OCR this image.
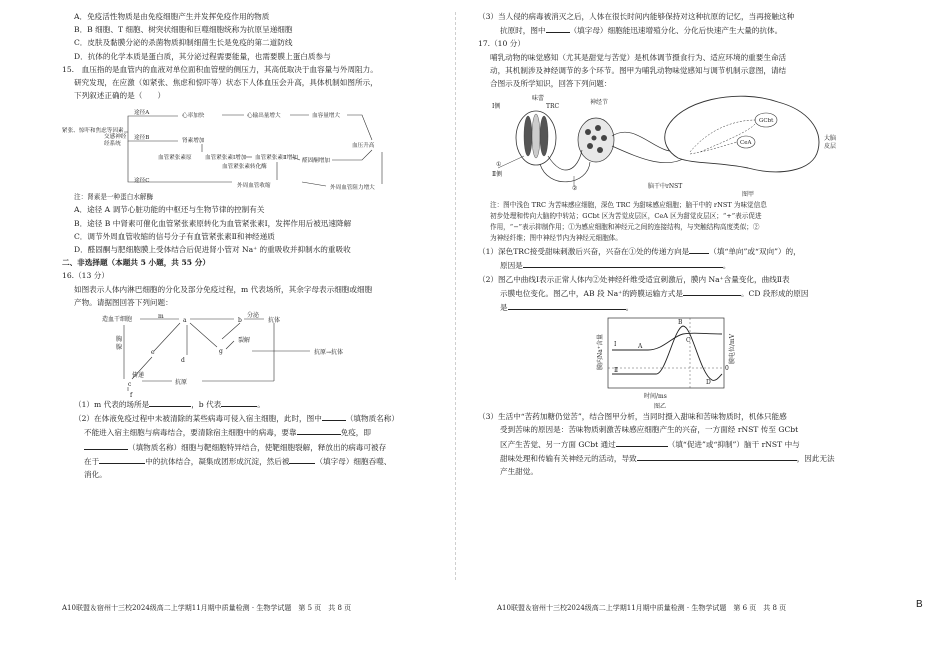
A．免疫活性物质是由免疫细胞产生并发挥免疫作用的物质

B．B 细胞、T 细胞、树突状细胞和巨噬细胞统称为抗原呈递细胞

C．皮肤及黏膜分泌的杀菌物质抑制细菌生长是免疫的第二道防线

D．抗体的化学本质是蛋白质，其分泌过程需要能量，也需要膜上蛋白质参与

15.　血压指的是血管内的血液对单位面积血管壁的侧压力，其高低取决于血容量与外周阻力。

研究发现，在应激（如紧张、焦虑和惊吓等）状态下人体血压会升高，具体机制如图所示，

下列叙述正确的是（　　）

紧张、惊吓和焦虑等因素
交感神经
经系统
途径A
途径B
途径C
心率加快	心输出量增大	血容量增大
血压升高
肾素增加
血管紧张素原 血管紧张素Ⅰ增加 血管紧张素Ⅱ增加
血管紧张素转化酶
醛固酮增加
外周血管收缩	外周血管阻力增大

注：肾素是一种蛋白水解酶

A．途径 A 调节心脏功能的中枢还与生物节律的控制有关

B．途径 B 中肾素可催化血管紧张素原转化为血管紧张素Ⅰ，发挥作用后被迅速降解

C．调节外周血管收缩的信号分子有血管紧张素Ⅱ和神经递质

D．醛固酮与肥细胞膜上受体结合后促进肾小管对 Na⁺ 的重吸收并抑制水的重吸收

二、非选择题（本题共 5 小题，共 55 分）

16.（13 分）

如图表示人体内淋巴细胞的分化及部分免疫过程，m 代表场所，其余字母表示细胞或细胞

产物。请据图回答下列问题：

造血干细胞	m
a	b
c
d
e
f
g
分泌
裂解
传递
抗原
胸
腺
抗体
抗原→抗体

（1）m 代表的场所是	，b 代表	。

（2）在体液免疫过程中未被清除的某些病毒可侵入宿主细胞，此时，图中	（填物质名称）

不能进入宿主细胞与病毒结合，要清除宿主细胞中的病毒，要靠	免疫，即

（填物质名称）细胞与靶细胞特异结合，使靶细胞裂解，释放出的病毒可被存

在于	中的抗体结合，凝集成团形成沉淀，然后被	（填字母）细胞吞噬、

消化。

（3）当人侵的病毒被消灭之后，人体在很长时间内能够保持对这种抗原的记忆，当再接触这种

抗原时，图中	（填字母）细胞能迅速增殖分化、分化后快速产生大量的抗体。

17.（10 分）

哺乳动物的味觉感知（尤其是甜觉与苦觉）是机体调节摄食行为、适应环境的重要生命活

动，其机制涉及神经调节的多个环节。图甲为哺乳动物味觉感知与调节机制示意图，请结

合图示及所学知识，回答下列问题：

Ⅰ侧
Ⅱ侧
味蕾
TRC
神经节
①
②	脑干中rNST
GCbt
CeA
大脑
皮层
图甲

注：图中浅色 TRC 为苦味感应细胞，深色 TRC 为甜味感应细胞；脑干中的 rNST 为味觉信息

初步处理和传向大脑的中转站；GCbt 区为苦觉皮层区，CeA 区为甜觉皮层区；“+”表示促进

作用，“−”表示抑制作用；①为感应细胞和神经元之间的连接结构，与突触结构高度类似；②

为神经纤维；图中神经节内为神经元细胞体。

（1）深色TRC接受甜味刺激后兴奋，兴奋在①处的传递方向是	（填“单向”或“双向”）的，

原因是	。

（2）图乙中曲线Ⅰ表示正常人体内②处神经纤维受适宜刺激后，膜内 Na⁺含量变化，曲线Ⅱ表

示膜电位变化。图乙中，AB 段 Na⁺的跨膜运输方式是	。CD 段形成的原因

是	。

膜内Na⁺含量	膜电位/mV
时间/ms
Ⅰ
Ⅱ
A
B
C
D
0
图乙

（3）生活中“苦药加糖仍觉苦”，结合图甲分析，当同时摄入甜味和苦味物质时，机体只能感

受到苦味的原因是：苦味物质刺激苦味感应细胞产生的兴奋，一方面经 rNST 传至 GCbt

区产生苦觉、另一方面 GCbt 通过	（填“促进”或“抑制”）脑干 rNST 中与

甜味处理和传输有关神经元的活动，导致	，因此无法

产生甜觉。

A10联盟＆宿州十三校2024级高二上学期11月期中质量检测 · 生物学试题　第 5 页　共 8 页	A10联盟＆宿州十三校2024级高二上学期11月期中质量检测 · 生物学试题　第 6 页　共 8 页	B
